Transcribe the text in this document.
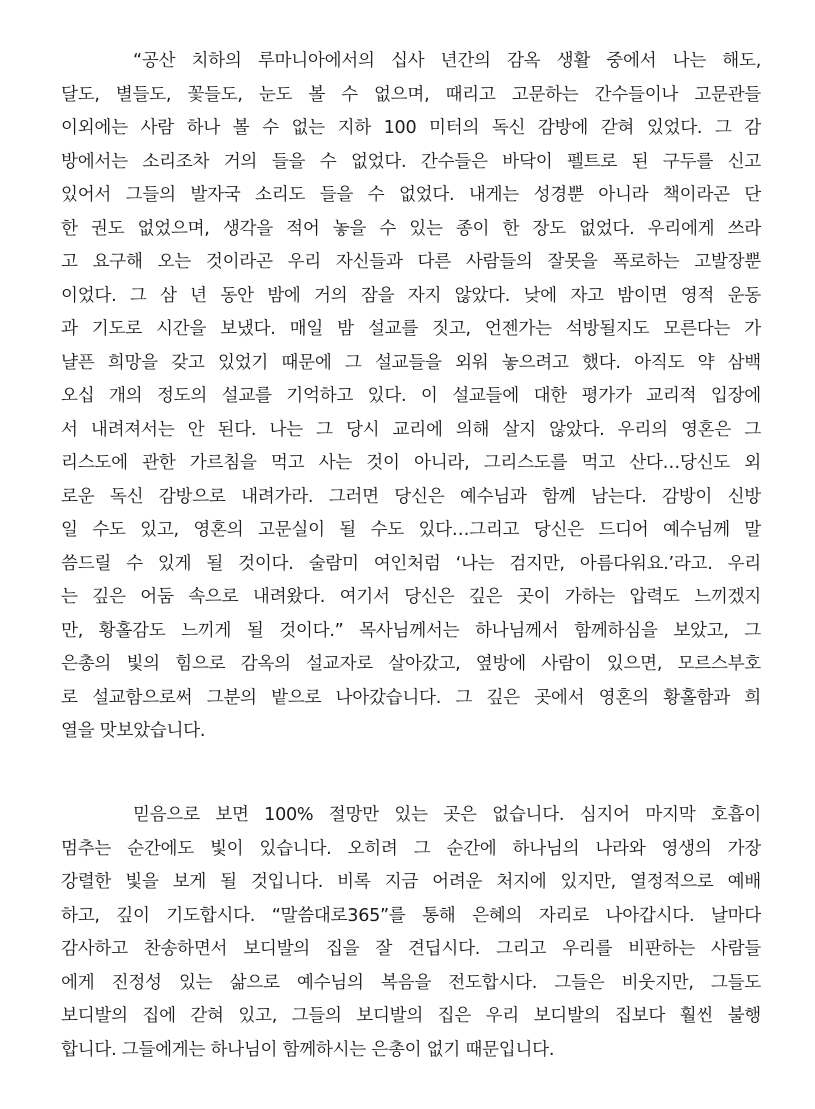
“공산 치하의 루마니아에서의 십사 년간의 감옥 생활 중에서 나는 해도,
달도, 별들도, 꽃들도, 눈도 볼 수 없으며, 때리고 고문하는 간수들이나 고문관들
이외에는 사람 하나 볼 수 없는 지하 100 미터의 독신 감방에 갇혀 있었다. 그 감
방에서는 소리조차 거의 들을 수 없었다. 간수들은 바닥이 펠트로 된 구두를 신고
있어서 그들의 발자국 소리도 들을 수 없었다. 내게는 성경뿐 아니라 책이라곤 단
한 권도 없었으며, 생각을 적어 놓을 수 있는 종이 한 장도 없었다. 우리에게 쓰라
고 요구해 오는 것이라곤 우리 자신들과 다른 사람들의 잘못을 폭로하는 고발장뿐
이었다. 그 삼 년 동안 밤에 거의 잠을 자지 않았다. 낮에 자고 밤이면 영적 운동
과 기도로 시간을 보냈다. 매일 밤 설교를 짓고, 언젠가는 석방될지도 모른다는 가
냘픈 희망을 갖고 있었기 때문에 그 설교들을 외워 놓으려고 했다. 아직도 약 삼백
오십 개의 정도의 설교를 기억하고 있다. 이 설교들에 대한 평가가 교리적 입장에
서 내려져서는 안 된다. 나는 그 당시 교리에 의해 살지 않았다. 우리의 영혼은 그
리스도에 관한 가르침을 먹고 사는 것이 아니라, 그리스도를 먹고 산다…당신도 외
로운 독신 감방으로 내려가라. 그러면 당신은 예수님과 함께 남는다. 감방이 신방
일 수도 있고, 영혼의 고문실이 될 수도 있다…그리고 당신은 드디어 예수님께 말
씀드릴 수 있게 될 것이다. 술람미 여인처럼 ‘나는 검지만, 아름다워요.’라고. 우리
는 깊은 어둠 속으로 내려왔다. 여기서 당신은 깊은 곳이 가하는 압력도 느끼겠지
만, 황홀감도 느끼게 될 것이다.” 목사님께서는 하나님께서 함께하심을 보았고, 그
은총의 빛의 힘으로 감옥의 설교자로 살아갔고, 옆방에 사람이 있으면, 모르스부호
로 설교함으로써 그분의 밭으로 나아갔습니다. 그 깊은 곳에서 영혼의 황홀함과 희
열을 맛보았습니다.
믿음으로 보면 100% 절망만 있는 곳은 없습니다. 심지어 마지막 호흡이
멈추는 순간에도 빛이 있습니다. 오히려 그 순간에 하나님의 나라와 영생의 가장
강렬한 빛을 보게 될 것입니다. 비록 지금 어려운 처지에 있지만, 열정적으로 예배
하고, 깊이 기도합시다. “말씀대로365”를 통해 은혜의 자리로 나아갑시다. 날마다
감사하고 찬송하면서 보디발의 집을 잘 견딥시다. 그리고 우리를 비판하는 사람들
에게 진정성 있는 삶으로 예수님의 복음을 전도합시다. 그들은 비웃지만, 그들도
보디발의 집에 갇혀 있고, 그들의 보디발의 집은 우리 보디발의 집보다 훨씬 불행
합니다. 그들에게는 하나님이 함께하시는 은총이 없기 때문입니다.
